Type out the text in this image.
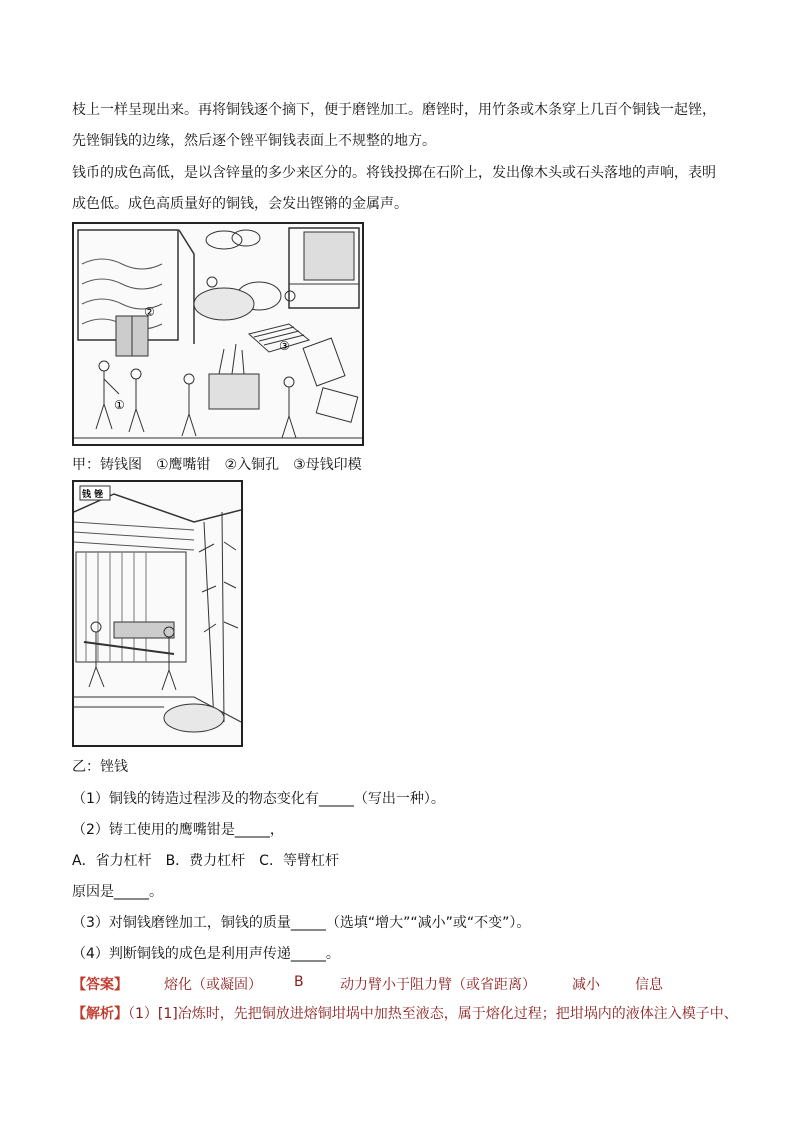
枝上一样呈现出来。再将铜钱逐个摘下，便于磨锉加工。磨锉时，用竹条或木条穿上几百个铜钱一起锉，
先锉铜钱的边缘，然后逐个锉平铜钱表面上不规整的地方。
钱币的成色高低，是以含锌量的多少来区分的。将钱投掷在石阶上，发出像木头或石头落地的声响，表明
成色低。成色高质量好的铜钱，会发出铿锵的金属声。
②
③
①
甲：铸钱图　①鹰嘴钳　②入铜孔　③母钱印模
钱 锉
乙：锉钱
（1）铜钱的铸造过程涉及的物态变化有_____（写出一种）。
（2）铸工使用的鹰嘴钳是_____，
A．省力杠杆　B．费力杠杆　C．等臂杠杆
原因是_____。
（3）对铜钱磨锉加工，铜钱的质量_____（选填“增大”“减小”或“不变”）。
（4）判断铜钱的成色是利用声传递_____。
【答案】	熔化（或凝固） B	动力臂小于阻力臂（或省距离）	减小	信息
【解析】（1）[1]冶炼时，先把铜放进熔铜坩埚中加热至液态，属于熔化过程；把坩埚内的液体注入模子中、
